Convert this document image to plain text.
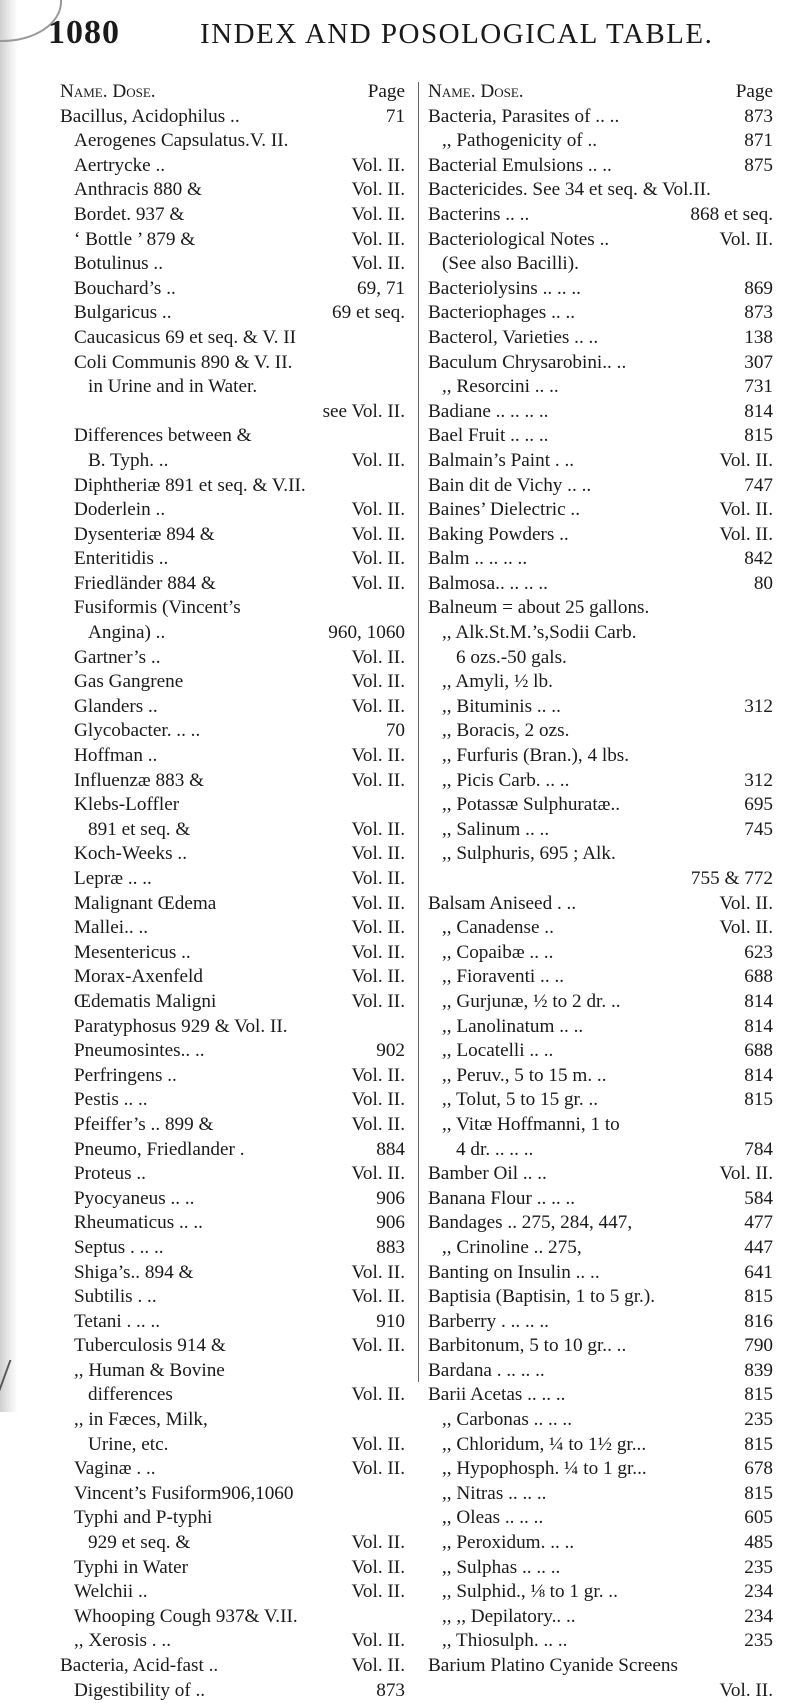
1080	INDEX AND POSOLOGICAL TABLE.
Name. Dose.	Page
Bacillus, Acidophilus ..	71
Aerogenes Capsulatus.V. II.
Aertrycke ..	Vol. II.
Anthracis 880 &	Vol. II.
Bordet. 937 &	Vol. II.
‘ Bottle ’ 879 &	Vol. II.
Botulinus ..	Vol. II.
Bouchard’s ..	69, 71
Bulgaricus ..	69 et seq.
Caucasicus 69 et seq. & V. II
Coli Communis 890 & V. II.
in Urine and in Water.
see Vol. II.
Differences between &
B. Typh. ..	Vol. II.
Diphtheriæ 891 et seq. & V.II.
Doderlein ..	Vol. II.
Dysenteriæ 894 &	Vol. II.
Enteritidis ..	Vol. II.
Friedländer 884 &	Vol. II.
Fusiformis (Vincent’s
Angina) ..	960, 1060
Gartner’s ..	Vol. II.
Gas Gangrene	Vol. II.
Glanders ..	Vol. II.
Glycobacter. .. ..	70
Hoffman ..	Vol. II.
Influenzæ 883 &	Vol. II.
Klebs-Loffler
891 et seq. &	Vol. II.
Koch-Weeks ..	Vol. II.
Lepræ .. ..	Vol. II.
Malignant Œdema	Vol. II.
Mallei.. ..	Vol. II.
Mesentericus ..	Vol. II.
Morax-Axenfeld	Vol. II.
Œdematis Maligni	Vol. II.
Paratyphosus 929 & Vol. II.
Pneumosintes.. ..	902
Perfringens ..	Vol. II.
Pestis .. ..	Vol. II.
Pfeiffer’s .. 899 &	Vol. II.
Pneumo, Friedlander .	884
Proteus ..	Vol. II.
Pyocyaneus .. ..	906
Rheumaticus .. ..	906
Septus . .. ..	883
Shiga’s.. 894 &	Vol. II.
Subtilis . ..	Vol. II.
Tetani . .. ..	910
Tuberculosis 914 &	Vol. II.
,, Human & Bovine
differences	Vol. II.
,, in Fæces, Milk,
Urine, etc.	Vol. II.
Vaginæ . ..	Vol. II.
Vincent’s Fusiform906,1060
Typhi and P-typhi
929 et seq. &	Vol. II.
Typhi in Water	Vol. II.
Welchii ..	Vol. II.
Whooping Cough 937& V.II.
,, Xerosis . ..	Vol. II.
Bacteria, Acid-fast ..	Vol. II.
Digestibility of ..	873
Name. Dose.	Page
Bacteria, Parasites of .. ..	873
,, Pathogenicity of ..	871
Bacterial Emulsions .. ..	875
Bactericides. See 34 et seq. & Vol.II.
Bacterins .. ..	868 et seq.
Bacteriological Notes ..	Vol. II.
(See also Bacilli).
Bacteriolysins .. .. ..	869
Bacteriophages .. ..	873
Bacterol, Varieties .. ..	138
Baculum Chrysarobini.. ..	307
,, Resorcini .. ..	731
Badiane .. .. .. ..	814
Bael Fruit .. .. ..	815
Balmain’s Paint . ..	Vol. II.
Bain dit de Vichy .. ..	747
Baines’ Dielectric ..	Vol. II.
Baking Powders ..	Vol. II.
Balm .. .. .. ..	842
Balmosa.. .. .. ..	80
Balneum = about 25 gallons.
,, Alk.St.M.’s,Sodii Carb.
6 ozs.-50 gals.
,, Amyli, ½ lb.
,, Bituminis .. ..	312
,, Boracis, 2 ozs.
,, Furfuris (Bran.), 4 lbs.
,, Picis Carb. .. ..	312
,, Potassæ Sulphuratæ..	695
,, Salinum .. ..	745
,, Sulphuris, 695 ; Alk.
755 & 772
Balsam Aniseed . ..	Vol. II.
,, Canadense ..	Vol. II.
,, Copaibæ .. ..	623
,, Fioraventi .. ..	688
,, Gurjunæ, ½ to 2 dr. ..	814
,, Lanolinatum .. ..	814
,, Locatelli .. ..	688
,, Peruv., 5 to 15 m. ..	814
,, Tolut, 5 to 15 gr. ..	815
,, Vitæ Hoffmanni, 1 to
4 dr. .. .. ..	784
Bamber Oil .. ..	Vol. II.
Banana Flour .. .. ..	584
Bandages .. 275, 284, 447,	477
,, Crinoline .. 275,	447
Banting on Insulin .. ..	641
Baptisia (Baptisin, 1 to 5 gr.).	815
Barberry . .. .. ..	816
Barbitonum, 5 to 10 gr.. ..	790
Bardana . .. .. ..	839
Barii Acetas .. .. ..	815
,, Carbonas .. .. ..	235
,, Chloridum, ¼ to 1½ gr...	815
,, Hypophosph. ¼ to 1 gr...	678
,, Nitras .. .. ..	815
,, Oleas .. .. ..	605
,, Peroxidum. .. ..	485
,, Sulphas .. .. ..	235
,, Sulphid., ⅛ to 1 gr. ..	234
,, ,, Depilatory.. ..	234
,, Thiosulph. .. ..	235
Barium Platino Cyanide Screens
Vol. II.
